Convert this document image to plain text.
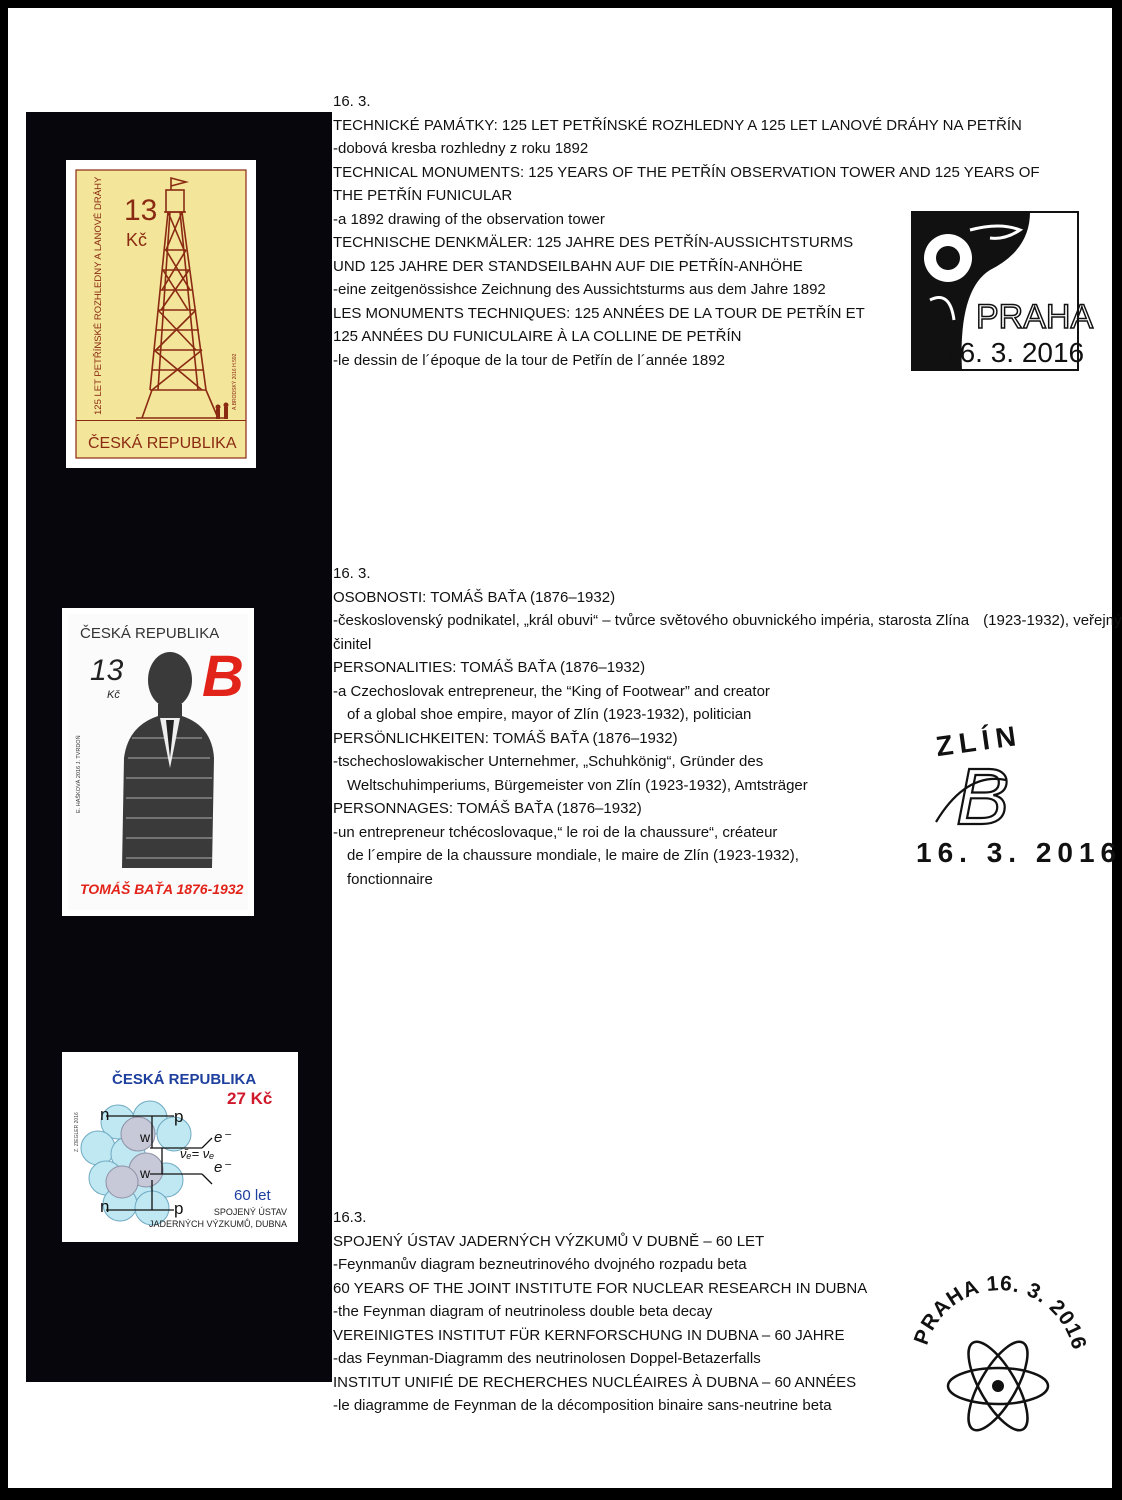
13
Kč
125 LET PETŘÍNSKÉ ROZHLEDNY A LANOVÉ DRÁHY	A.BRODSKÝ 2016 H.592
ČESKÁ REPUBLIKA
ČESKÁ REPUBLIKA
13
Kč B
E. HAŠKOVÁ 2016 J. TVRDOŇ
TOMÁŠ BAŤA 1876-1932
ČESKÁ REPUBLIKA
27 Kč
Z. ZIEGLER 2016 n	p
w
w
n	p
ν̄ₑ= νₑ
e⁻
e⁻
60 let
SPOJENÝ ÚSTAV
JADERNÝCH VÝZKUMŮ, DUBNA
16. 3.
TECHNICKÉ PAMÁTKY: 125 LET PETŘÍNSKÉ ROZHLEDNY A 125 LET LANOVÉ DRÁHY NA PETŘÍN
-dobová kresba rozhledny z roku 1892
TECHNICAL MONUMENTS: 125 YEARS OF THE PETŘÍN OBSERVATION TOWER AND 125 YEARS OF
THE PETŘÍN FUNICULAR
-a 1892 drawing of the observation tower
TECHNISCHE DENKMÄLER: 125 JAHRE DES PETŘÍN-AUSSICHTSTURMS
UND 125 JAHRE DER STANDSEILBAHN AUF DIE PETŘÍN-ANHÖHE
-eine zeitgenössishce Zeichnung des Aussichtsturms aus dem Jahre 1892
LES MONUMENTS TECHNIQUES: 125 ANNÉES DE LA TOUR DE PETŘÍN ET
125 ANNÉES DU FUNICULAIRE À LA COLLINE DE PETŘÍN
-le dessin de l´époque de la tour de Petřín de l´année 1892
16. 3.
OSOBNOSTI: TOMÁŠ BAŤA (1876–1932)
-československý podnikatel, „král obuvi“ – tvůrce světového obuvnického impéria, starosta Zlína (1923-1932), veřejný činitel
PERSONALITIES: TOMÁŠ BAŤA (1876–1932)
-a Czechoslovak entrepreneur, the “King of Footwear” and creator
of a global shoe empire, mayor of Zlín (1923-1932), politician
PERSÖNLICHKEITEN: TOMÁŠ BAŤA (1876–1932)
-tschechoslowakischer Unternehmer, „Schuhkönig“, Gründer des
Weltschuhimperiums, Bürgemeister von Zlín (1923-1932), Amtsträger
PERSONNAGES: TOMÁŠ BAŤA (1876–1932)
-un entrepreneur tchécoslovaque,“ le roi de la chaussure“, créateur
de l´empire de la chaussure mondiale, le maire de Zlín (1923-1932),
fonctionnaire
16.3.
SPOJENÝ ÚSTAV JADERNÝCH VÝZKUMŮ V DUBNĚ – 60 LET
-Feynmanův diagram bezneutrinového dvojného rozpadu beta
60 YEARS OF THE JOINT INSTITUTE FOR NUCLEAR RESEARCH IN DUBNA
-the Feynman diagram of neutrinoless double beta decay
VEREINIGTES INSTITUT FÜR KERNFORSCHUNG IN DUBNA – 60 JAHRE
-das Feynman-Diagramm des neutrinolosen Doppel-Betazerfalls
INSTITUT UNIFIÉ DE RECHERCHES NUCLÉAIRES À DUBNA – 60 ANNÉES
-le diagramme de Feynman de la décomposition binaire sans-neutrine beta
PRAHA
16. 3. 2016
ZLÍN
16. 3. 2016
B
PRAHA 16. 3. 201
